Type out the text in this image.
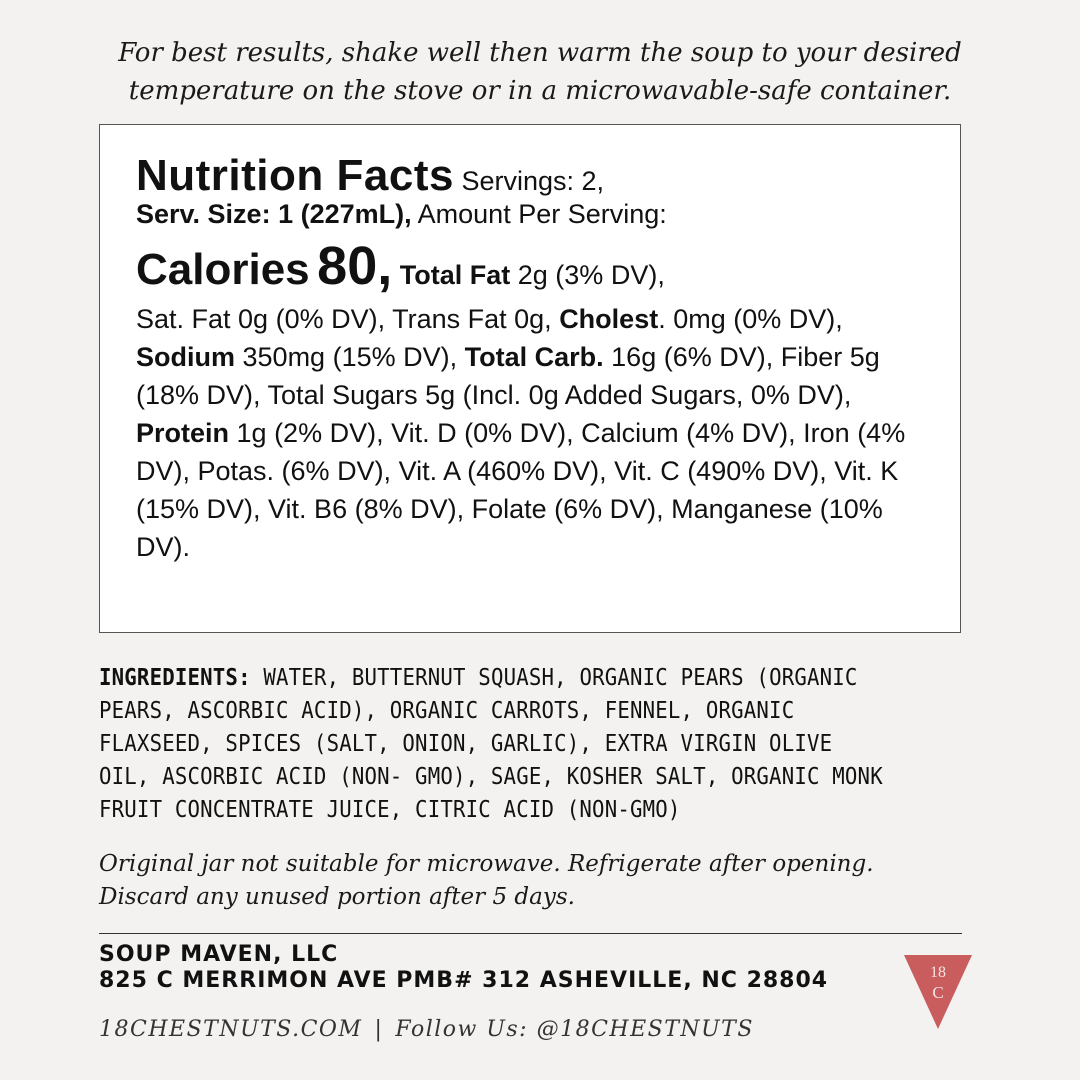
For best results, shake well then warm the soup to your desired temperature on the stove or in a microwavable-safe container.
Nutrition Facts Servings: 2,
Serv. Size: 1 (227mL), Amount Per Serving:
Calories 80, Total Fat 2g (3% DV),
Sat. Fat 0g (0% DV), Trans Fat 0g, Cholest. 0mg (0% DV), Sodium 350mg (15% DV), Total Carb. 16g (6% DV), Fiber 5g (18% DV), Total Sugars 5g (Incl. 0g Added Sugars, 0% DV), Protein 1g (2% DV), Vit. D (0% DV), Calcium (4% DV), Iron (4% DV), Potas. (6% DV), Vit. A (460% DV), Vit. C (490% DV), Vit. K (15% DV), Vit. B6 (8% DV), Folate (6% DV), Manganese (10% DV).
INGREDIENTS: WATER, BUTTERNUT SQUASH, ORGANIC PEARS (ORGANIC PEARS, ASCORBIC ACID), ORGANIC CARROTS, FENNEL, ORGANIC FLAXSEED, SPICES (SALT, ONION, GARLIC), EXTRA VIRGIN OLIVE OIL, ASCORBIC ACID (NON- GMO), SAGE, KOSHER SALT, ORGANIC MONK FRUIT CONCENTRATE JUICE, CITRIC ACID (NON-GMO)
Original jar not suitable for microwave. Refrigerate after opening.
Discard any unused portion after 5 days.
SOUP MAVEN, LLC
825 C MERRIMON AVE PMB# 312 ASHEVILLE, NC 28804
18CHESTNUTS.COM | Follow Us: @18CHESTNUTS
18
C
